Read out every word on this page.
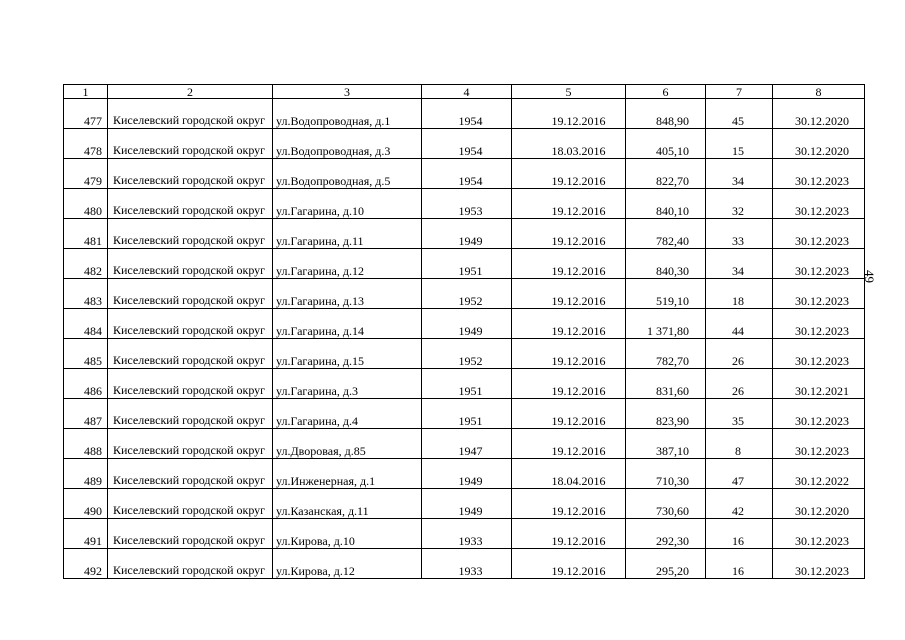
1	2	3	4	5	6	7	8
477	Киселевский городской округ	ул.Водопроводная, д.1	1954	19.12.2016	848,90	45	30.12.2020
478	Киселевский городской округ	ул.Водопроводная, д.3	1954	18.03.2016	405,10	15	30.12.2020
479	Киселевский городской округ	ул.Водопроводная, д.5	1954	19.12.2016	822,70	34	30.12.2023
480	Киселевский городской округ	ул.Гагарина, д.10	1953	19.12.2016	840,10	32	30.12.2023
481	Киселевский городской округ	ул.Гагарина, д.11	1949	19.12.2016	782,40	33	30.12.2023
482	Киселевский городской округ	ул.Гагарина, д.12	1951	19.12.2016	840,30	34	30.12.2023
483	Киселевский городской округ	ул.Гагарина, д.13	1952	19.12.2016	519,10	18	30.12.2023
484	Киселевский городской округ	ул.Гагарина, д.14	1949	19.12.2016	1 371,80	44	30.12.2023
485	Киселевский городской округ	ул.Гагарина, д.15	1952	19.12.2016	782,70	26	30.12.2023
486	Киселевский городской округ	ул.Гагарина, д.3	1951	19.12.2016	831,60	26	30.12.2021
487	Киселевский городской округ	ул.Гагарина, д.4	1951	19.12.2016	823,90	35	30.12.2023
488	Киселевский городской округ	ул.Дворовая, д.85	1947	19.12.2016	387,10	8	30.12.2023
489	Киселевский городской округ	ул.Инженерная, д.1	1949	18.04.2016	710,30	47	30.12.2022
490	Киселевский городской округ	ул.Казанская, д.11	1949	19.12.2016	730,60	42	30.12.2020
491	Киселевский городской округ	ул.Кирова, д.10	1933	19.12.2016	292,30	16	30.12.2023
492	Киселевский городской округ	ул.Кирова, д.12	1933	19.12.2016	295,20	16	30.12.2023
49
